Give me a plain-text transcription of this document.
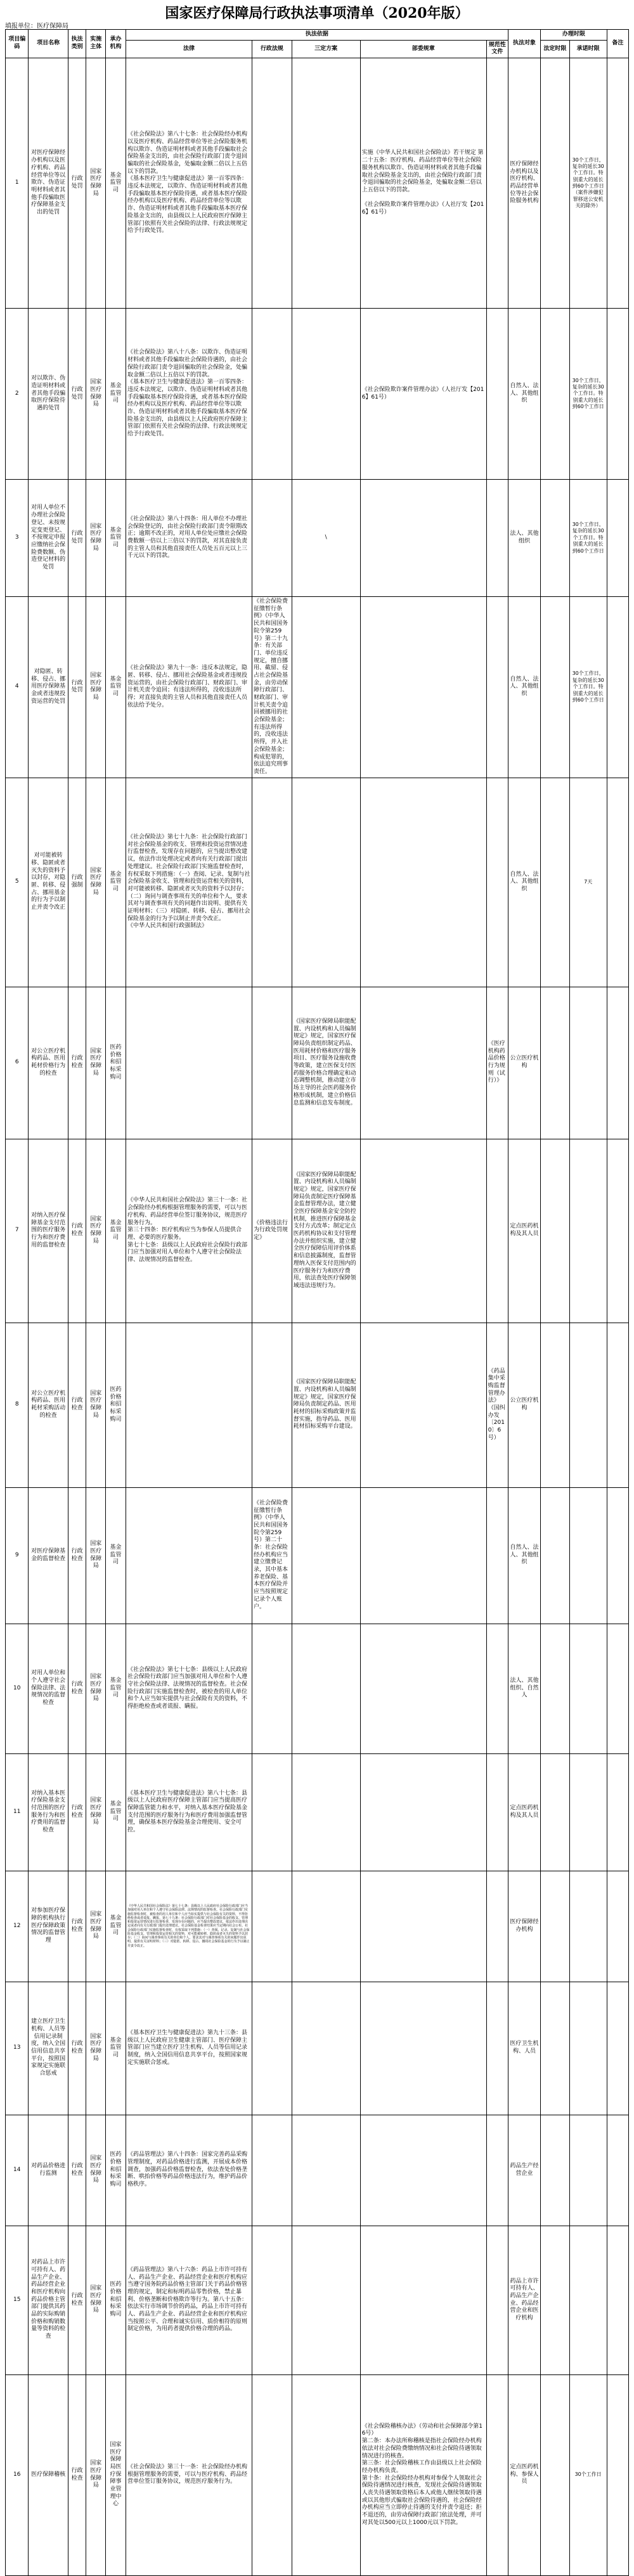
国家医疗保障局行政执法事项清单（2020年版）
填报单位：医疗保障局
项目编码	项目名称	执法类别	实施主体	承办机构	执法依据					执法对象	办理时限		备注
					法律	行政法规	三定方案	部委规章	规范性文件		法定时限	承诺时限	
1	对医疗保障经办机构以及医疗机构、药品经营单位等以欺诈、伪造证明材料或者其他手段骗取医疗保障基金支出的处罚	行政处罚	国家医疗保障局	基金监管司	《社会保险法》第八十七条：社会保险经办机构以及医疗机构、药品经营单位等社会保险服务机构以欺诈、伪造证明材料或者其他手段骗取社会保险基金支出的，由社会保险行政部门责令退回骗取的社会保险基金，处骗取金额二倍以上五倍以下的罚款。
《基本医疗卫生与健康促进法》第一百零四条：违反本法规定，以欺诈、伪造证明材料或者其他手段骗取基本医疗保险待遇，或者基本医疗保险经办机构以及医疗机构、药品经营单位等以欺诈、伪造证明材料或者其他手段骗取基本医疗保险基金支出的，由县级以上人民政府医疗保障主管部门依照有关社会保险的法律、行政法规规定给予行政处罚。			实施《中华人民共和国社会保险法》若干规定 第二十五条：医疗机构、药品经营单位等社会保险服务机构以欺诈、伪造证明材料或者其他手段骗取社会保险基金支出的，由社会保险行政部门责令退回骗取的社会保险基金，处骗取金额二倍以上五倍以下的罚款。

《社会保险欺诈案件管理办法》（人社厅发【2016】61号）		医疗保障经办机构以及医疗机构、药品经营单位等社会保险服务机构		30个工作日，复杂的延长30个工作日。特别重大的延长到60个工作日（案件涉嫌犯罪移送公安机关的除外）	
2	对以欺诈、伪造证明材料或者其他手段骗取医疗保险待遇的处罚	行政处罚	国家医疗保障局	基金监管司	《社会保险法》第八十八条：以欺诈、伪造证明材料或者其他手段骗取社会保险待遇的，由社会保险行政部门责令退回骗取的社会保险金，处骗取金额二倍以上五倍以下的罚款。
《基本医疗卫生与健康促进法》第一百零四条：违反本法规定，以欺诈、伪造证明材料或者其他手段骗取基本医疗保险待遇，或者基本医疗保险经办机构以及医疗机构、药品经营单位等以欺诈、伪造证明材料或者其他手段骗取基本医疗保险基金支出的，由县级以上人民政府医疗保障主管部门依照有关社会保险的法律、行政法规规定给予行政处罚。			《社会保险欺诈案件管理办法》（人社厅发【2016】61号）		自然人、法人、其他组织		30个工作日，复杂的延长30个工作日。特别重大的延长到60个工作日	
3	对用人单位不办理社会保险登记、未按规定变更登记、不按规定申报应缴纳社会保险费数额、伪造登记材料的处罚	行政处罚	国家医疗保障局	基金监管司	《社会保险法》第八十四条：用人单位不办理社会保险登记的，由社会保险行政部门责令限期改正；逾期不改正的，对用人单位处应缴社会保险费数额一倍以上三倍以下的罚款，对其直接负责的主管人员和其他直接责任人员处五百元以上三千元以下的罚款。		\			法人、其他组织		30个工作日，复杂的延长30个工作日。特别重大的延长到60个工作日	
4	对隐匿、转移、侵占、挪用医疗保障基金或者违规投资运营的处罚	行政处罚	国家医疗保障局	基金监管司	《社会保险法》第九十一条：违反本法规定，隐匿、转移、侵占、挪用社会保险基金或者违规投资运营的，由社会保险行政部门、财政部门、审计机关责令追回；有违法所得的，没收违法所得；对直接负责的主管人员和其他直接责任人员依法给予处分。	《社会保险费征缴暂行条例》《中华人民共和国国务院令第259号》第二十九条：有关部门、单位违反规定，擅自挪用、截留、侵占社会保险基金，由劳动保障行政部门、财政部门、审计机关责令追回被挪用的社会保险基金；有违法所得的，没收违法所得，并入社会保险基金；构成犯罪的，依法追究刑事责任。				自然人、法人、其他组织		30个工作日，复杂的延长30个工作日。特别重大的延长到60个工作日	
5	对可能被转移、隐匿或者灭失的资料予以封存，对隐匿、转移、侵占、挪用基金的行为予以制止并责令改正	行政强制	国家医疗保障局	基金监管司	《社会保险法》第七十九条：社会保险行政部门对社会保险基金的收支、管理和投资运营情况进行监督检查，发现存在问题的，应当提出整改建议，依法作出处理决定或者向有关行政部门提出处理建议。社会保险行政部门实施监督检查时，有权采取下列措施：（一）查阅、记录、复制与社会保险基金收支、管理和投资运营相关的资料，对可能被转移、隐匿或者灭失的资料予以封存；（二）询问与调查事项有关的单位和个人，要求其对与调查事项有关的问题作出说明、提供有关证明材料；（三）对隐匿、转移、侵占、挪用社会保险基金的行为予以制止并责令改正。
《中华人民共和国行政强制法》					自然人、法人、其他组织		7天	
6	对公立医疗机构药品、医用耗材价格行为的检查	行政检查	国家医疗保障局	医药价格和招标采购司			《国家医疗保障局职能配置、内设机构和人员编制规定》规定，国家医疗保障局负责组织制定药品、医用耗材价格和医疗服务项目、医疗服务设施收费等政策，建立医保支付医药服务价格合理确定和动态调整机制，推动建立市场主导的社会医药服务价格形成机制，建立价格信息监测和信息发布制度。		《医疗机构药品价格行为规则（试行）》	公立医疗机构			
7	对纳入医疗保障基金支付范围的医疗服务行为和医疗费用的监督检查	行政检查	国家医疗保障局	基金监管司	《中华人民共和国社会保险法》第三十一条：社会保险经办机构根据管理服务的需要，可以与医疗机构、药品经营单位签订服务协议，规范医疗服务行为。
第三十四条：医疗机构应当为参保人员提供合理、必要的医疗服务。
第七十七条：县级以上人民政府社会保险行政部门应当加强对用人单位和个人遵守社会保险法律、法规情况的监督检查。	《价格违法行为行政处罚规定》	《国家医疗保障局职能配置、内设机构和人员编制规定》规定，国家医疗保障局负责制定医疗保障基金监督管理办法，建立健全医疗保障基金安全防控机制，推进医疗保障基金支付方式改革；制定定点医药机构协议和支付管理办法并组织实施，建立健全医疗保障信用评价体系和信息披露制度，监督管理纳入医保支付范围内的医疗服务行为和医疗费用，依法查处医疗保障领域违法违规行为。			定点医药机构及其人员			
8	对公立医疗机构药品、医用耗材采购活动的检查	行政检查	国家医疗保障局	医药价格和招标采购司			《国家医疗保障局职能配置、内设机构和人员编制规定》规定，国家医疗保障局负责制定药品、医用耗材的招标采购政策并监督实施，指导药品、医用耗材招标采购平台建设。		《药品集中采购监督管理办法》（国纠办发〔2010〕6号）	公立医疗机构			
9	对医疗保障基金的监督检查	行政检查	国家医疗保障局	基金监管司		《社会保险费征缴暂行条例》（中华人民共和国国务院令第259号）第二十条：社会保险经办机构应当建立缴费记录，其中基本养老保险、基本医疗保险并应当按照规定记录个人账户。				自然人、法人、其他组织			
10	对用人单位和个人遵守社会保险法律、法规情况的监督检查	行政检查	国家医疗保障局	基金监管司	《社会保险法》第七十七条：县级以上人民政府社会保险行政部门应当加强对用人单位和个人遵守社会保险法律、法规情况的监督检查。社会保险行政部门实施监督检查时，被检查的用人单位和个人应当如实提供与社会保险有关的资料，不得拒绝检查或者谎报、瞒报。					法人、其他组织、自然人			
11	对纳入基本医疗保险基金支付范围的医疗服务行为和医疗费用的监督检查	行政检查	国家医疗保障局	基金监管司	《基本医疗卫生与健康促进法》第八十七条：县级以上人民政府医疗保障主管部门应当提高医疗保障监管能力和水平，对纳入基本医疗保险基金支付范围的医疗服务行为和医疗费用加强监督管理，确保基本医疗保险基金合理使用、安全可控。					定点医药机构及其人员			
12	对参加医疗保障的机构执行医疗保障政策情况的监督管理	行政检查	国家医疗保障局	基金监管司	《中华人民共和国社会保险法》第七十七条：县级以上人民政府社会保险行政部门应当加强对用人单位和个人遵守社会保险法律、法规情况的监督检查。社会保险行政部门实施监督检查时，被检查的用人单位和个人应当如实提供与社会保险有关的资料，不得拒绝检查或者谎报、瞒报。第七十九条：社会保险行政部门对社会保险基金的收支、管理和投资运营情况进行监督检查，发现存在问题的，应当提出整改建议，依法作出处理决定或者向有关行政部门提出处理建议。社会保险基金检查结果应当定期向社会公布。社会保险行政部门实施监督检查时，有权采取下列措施：（一）查阅、记录、复制与社会保险基金收支、管理和投资运营相关的资料，对可能被转移、隐匿或者灭失的资料予以封存；（二）询问与调查事项有关的单位和个人，要求其对与调查事项有关的问题作出说明、提供有关证明材料；（三）对隐匿、转移、侵占、挪用社会保险基金的行为予以制止并责令改正。					医疗保障经办机构			
13	建立医疗卫生机构、人员等信用记录制度，纳入全国信用信息共享平台，按照国家规定实施联合惩戒	行政检查	国家医疗保障局	基金监管司	《基本医疗卫生与健康促进法》第九十三条：县级以上人民政府卫生健康主管部门、医疗保障主管部门应当建立医疗卫生机构、人员等信用记录制度，纳入全国信用信息共享平台，按照国家规定实施联合惩戒。					医疗卫生机构、人员			
14	对药品价格进行监测	行政检查	国家医疗保障局	医药价格和招标采购司	《药品管理法》第八十四条：国家完善药品采购管理制度，对药品价格进行监测，开展成本价格调查，加强药品价格监督检查，依法查处价格垄断、哄抬价格等药品价格违法行为，维护药品价格秩序。					药品生产经营企业			
15	对药品上市许可持有人、药品生产企业、药品经营企业和医疗机构向药品价格主管部门提供其药品的实际购销价格和购销数量等资料的检查	行政检查	国家医疗保障局	医药价格和招标采购司	《药品管理法》第八十六条：药品上市许可持有人、药品生产企业、药品经营企业和医疗机构应当遵守国务院药品价格主管部门关于药品价格管理的规定，制定和标明药品零售价格，禁止暴利、价格垄断和价格欺诈等行为。第八十五条：依法实行市场调节价的药品，药品上市许可持有人、药品生产企业、药品经营企业和医疗机构应当按照公平、合理和诚实信用、质价相符的原则制定价格，为用药者提供价格合理的药品。					药品上市许可持有人、药品生产企业、药品经营企业和医疗机构			
16	医疗保障稽核	行政检查	国家医疗保障局	国家医疗保障局医疗保障事业管理中心	《社会保险法》第三十一条：社会保险经办机构根据管理服务的需要，可以与医疗机构、药品经营单位签订服务协议，规范医疗服务行为。			《社会保险稽核办法》（劳动和社会保障部令第16号）
第二条：本办法所称稽核是指社会保险经办机构依法对社会保险费缴纳情况和社会保险待遇领取情况进行的核查。
第三条：社会保险稽核工作由县级以上社会保险经办机构负责。
第十条：社会保险经办机构对参保个人领取社会保险待遇情况进行核查，发现社会保险待遇领取人丧失待遇领取资格后本人或他人继续领取待遇或以其他形式骗取社会保险待遇的，社会保险经办机构应当立即停止待遇的支付并责令退还；拒不退还的，由劳动保障行政部门依法处理，并可对其处以500元以上1000元以下罚款。		定点医药机构、参保人员		30个工作日	
